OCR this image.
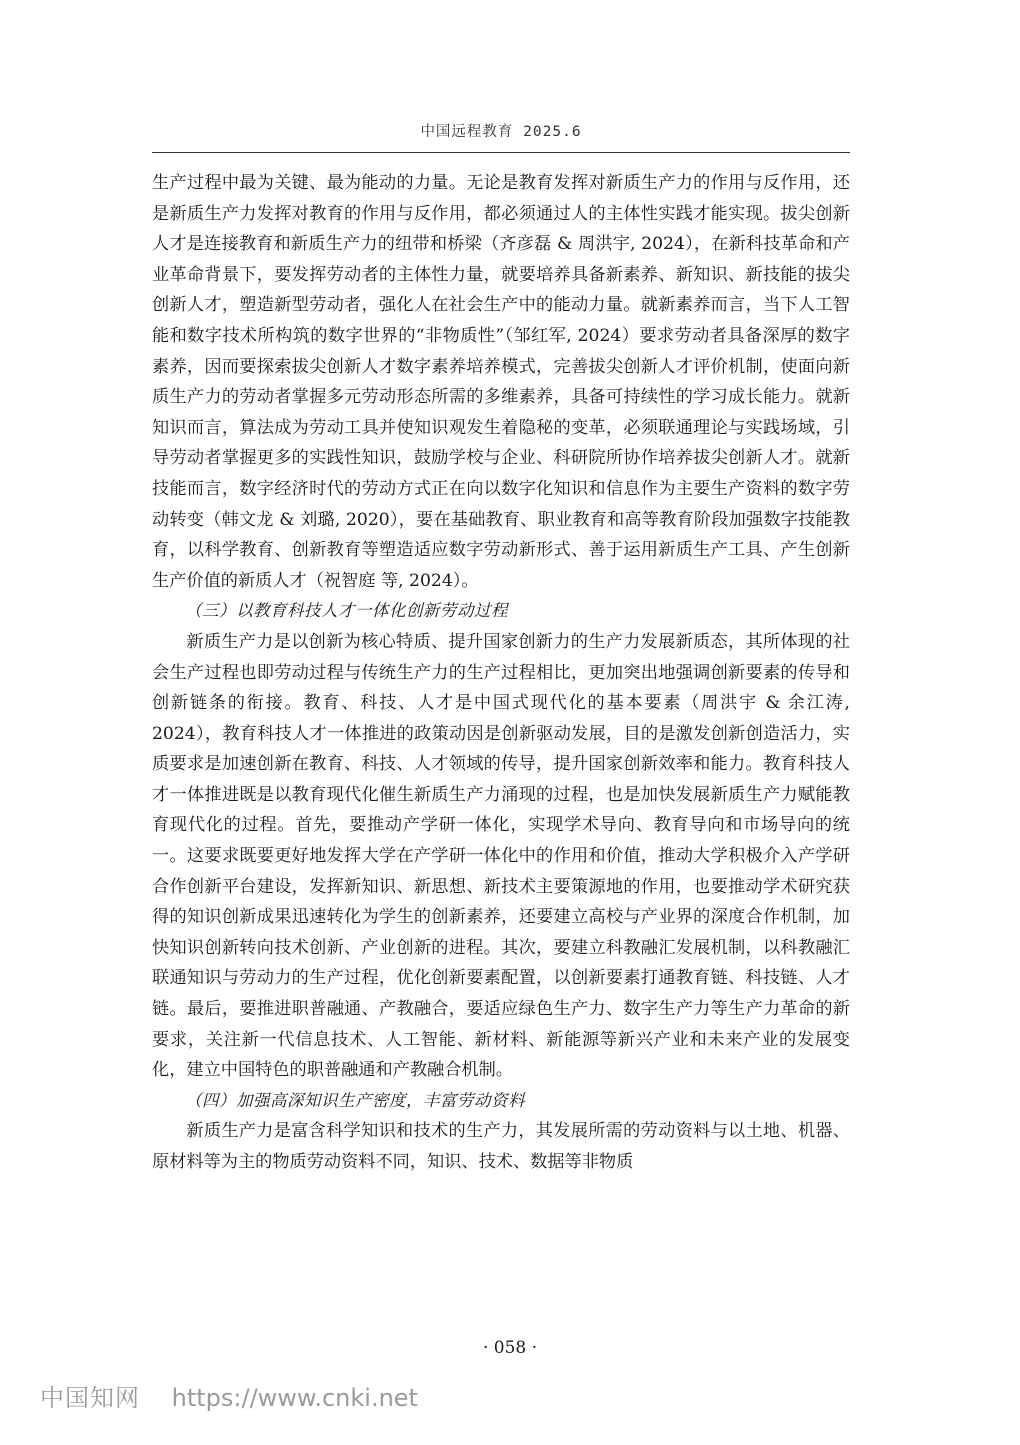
中国远程教育 2025.6

生产过程中最为关键、最为能动的力量。无论是教育发挥对新质生产力的作用与反作用，还是新质生产力发挥对教育的作用与反作用，都必须通过人的主体性实践才能实现。拔尖创新人才是连接教育和新质生产力的纽带和桥梁（齐彦磊 & 周洪宇, 2024），在新科技革命和产业革命背景下，要发挥劳动者的主体性力量，就要培养具备新素养、新知识、新技能的拔尖创新人才，塑造新型劳动者，强化人在社会生产中的能动力量。就新素养而言，当下人工智能和数字技术所构筑的数字世界的“非物质性”（邹红军, 2024）要求劳动者具备深厚的数字素养，因而要探索拔尖创新人才数字素养培养模式，完善拔尖创新人才评价机制，使面向新质生产力的劳动者掌握多元劳动形态所需的多维素养，具备可持续性的学习成长能力。就新知识而言，算法成为劳动工具并使知识观发生着隐秘的变革，必须联通理论与实践场域，引导劳动者掌握更多的实践性知识，鼓励学校与企业、科研院所协作培养拔尖创新人才。就新技能而言，数字经济时代的劳动方式正在向以数字化知识和信息作为主要生产资料的数字劳动转变（韩文龙 & 刘璐, 2020），要在基础教育、职业教育和高等教育阶段加强数字技能教育，以科学教育、创新教育等塑造适应数字劳动新形式、善于运用新质生产工具、产生创新生产价值的新质人才（祝智庭 等, 2024）。

（三）以教育科技人才一体化创新劳动过程

新质生产力是以创新为核心特质、提升国家创新力的生产力发展新质态，其所体现的社会生产过程也即劳动过程与传统生产力的生产过程相比，更加突出地强调创新要素的传导和创新链条的衔接。教育、科技、人才是中国式现代化的基本要素（周洪宇 & 余江涛, 2024），教育科技人才一体推进的政策动因是创新驱动发展，目的是激发创新创造活力，实质要求是加速创新在教育、科技、人才领域的传导，提升国家创新效率和能力。教育科技人才一体推进既是以教育现代化催生新质生产力涌现的过程，也是加快发展新质生产力赋能教育现代化的过程。首先，要推动产学研一体化，实现学术导向、教育导向和市场导向的统一。这要求既要更好地发挥大学在产学研一体化中的作用和价值，推动大学积极介入产学研合作创新平台建设，发挥新知识、新思想、新技术主要策源地的作用，也要推动学术研究获得的知识创新成果迅速转化为学生的创新素养，还要建立高校与产业界的深度合作机制，加快知识创新转向技术创新、产业创新的进程。其次，要建立科教融汇发展机制，以科教融汇联通知识与劳动力的生产过程，优化创新要素配置，以创新要素打通教育链、科技链、人才链。最后，要推进职普融通、产教融合，要适应绿色生产力、数字生产力等生产力革命的新要求，关注新一代信息技术、人工智能、新材料、新能源等新兴产业和未来产业的发展变化，建立中国特色的职普融通和产教融合机制。

（四）加强高深知识生产密度，丰富劳动资料

新质生产力是富含科学知识和技术的生产力，其发展所需的劳动资料与以土地、机器、原材料等为主的物质劳动资料不同，知识、技术、数据等非物质

· 058 ·
中国知网 https://www.cnki.net
